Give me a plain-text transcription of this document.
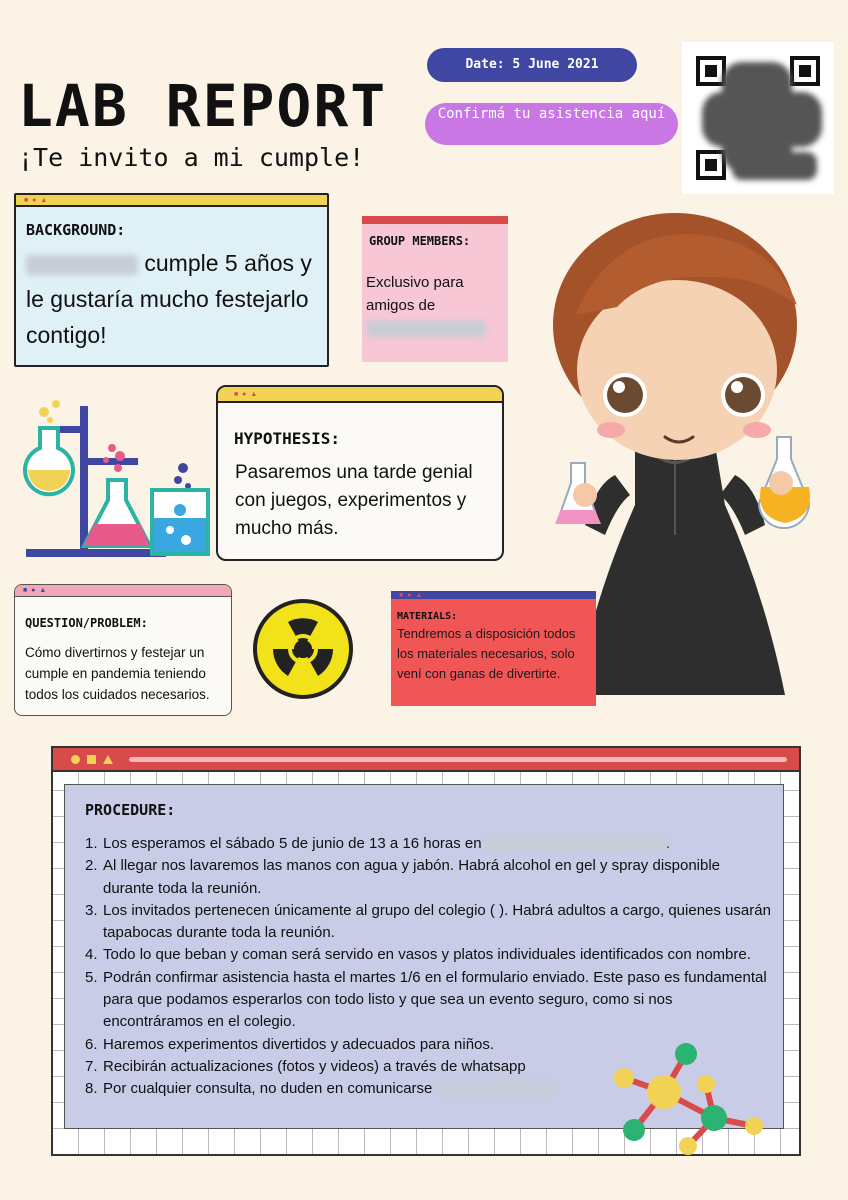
LAB REPORT
¡Te invito a mi cumple!
Date: 5 June 2021
Confirmá tu asistencia aquí
■ ● ▲
BACKGROUND:
cumple 5 años y le gustaría mucho festejarlo contigo!
GROUP MEMBERS:
Exclusivo para amigos de
■ ● ▲
HYPOTHESIS:
Pasaremos una tarde genial con juegos, experimentos y mucho más.
■ ● ▲
QUESTION/PROBLEM:
Cómo divertirnos y festejar un cumple en pandemia teniendo todos los cuidados necesarios.
■ ● ▲
MATERIALS:
Tendremos a disposición todos los materiales necesarios, solo vení con ganas de divertirte.
PROCEDURE:
1. Los esperamos el sábado 5 de junio de 13 a 16 horas en	.
2. Al llegar nos lavaremos las manos con agua y jabón. Habrá alcohol en gel y spray disponible durante toda la reunión.
3. Los invitados pertenecen únicamente al grupo del colegio ( ). Habrá adultos a cargo, quienes usarán tapabocas durante toda la reunión.
4. Todo lo que beban y coman será servido en vasos y platos individuales identificados con nombre.
5. Podrán confirmar asistencia hasta el martes 1/6 en el formulario enviado. Este paso es fundamental para que podamos esperarlos con todo listo y que sea un evento seguro, como si nos encontráramos en el colegio.
6. Haremos experimentos divertidos y adecuados para niños.
7. Recibirán actualizaciones (fotos y videos) a través de whatsapp
8. Por cualquier consulta, no duden en comunicarse
